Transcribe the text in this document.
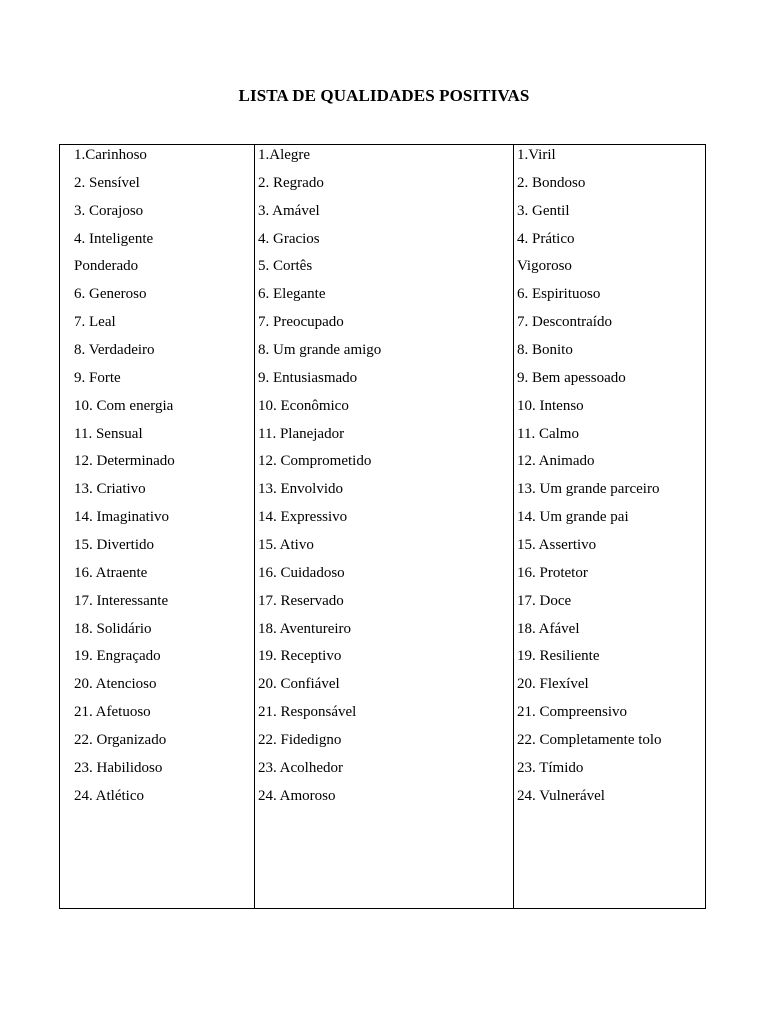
LISTA DE QUALIDADES POSITIVAS
1.Carinhoso
2. Sensível
3. Corajoso
4. Inteligente
Ponderado
6. Generoso
7. Leal
8. Verdadeiro
9. Forte
10. Com energia
11. Sensual
12. Determinado
13. Criativo
14. Imaginativo
15. Divertido
16. Atraente
17. Interessante
18. Solidário
19. Engraçado
20. Atencioso
21. Afetuoso
22. Organizado
23. Habilidoso
24. Atlético
1.Alegre
2. Regrado
3. Amável
4. Gracios
5. Cortês
6. Elegante
7. Preocupado
8. Um grande amigo
9. Entusiasmado
10. Econômico
11. Planejador
12. Comprometido
13. Envolvido
14. Expressivo
15. Ativo
16. Cuidadoso
17. Reservado
18. Aventureiro
19. Receptivo
20. Confiável
21. Responsável
22. Fidedigno
23. Acolhedor
24. Amoroso
1.Viril
2. Bondoso
3. Gentil
4. Prático
Vigoroso
6. Espirituoso
7. Descontraído
8. Bonito
9. Bem apessoado
10. Intenso
11. Calmo
12. Animado
13. Um grande parceiro
14. Um grande pai
15. Assertivo
16. Protetor
17. Doce
18. Afável
19. Resiliente
20. Flexível
21. Compreensivo
22. Completamente tolo
23. Tímido
24. Vulnerável
